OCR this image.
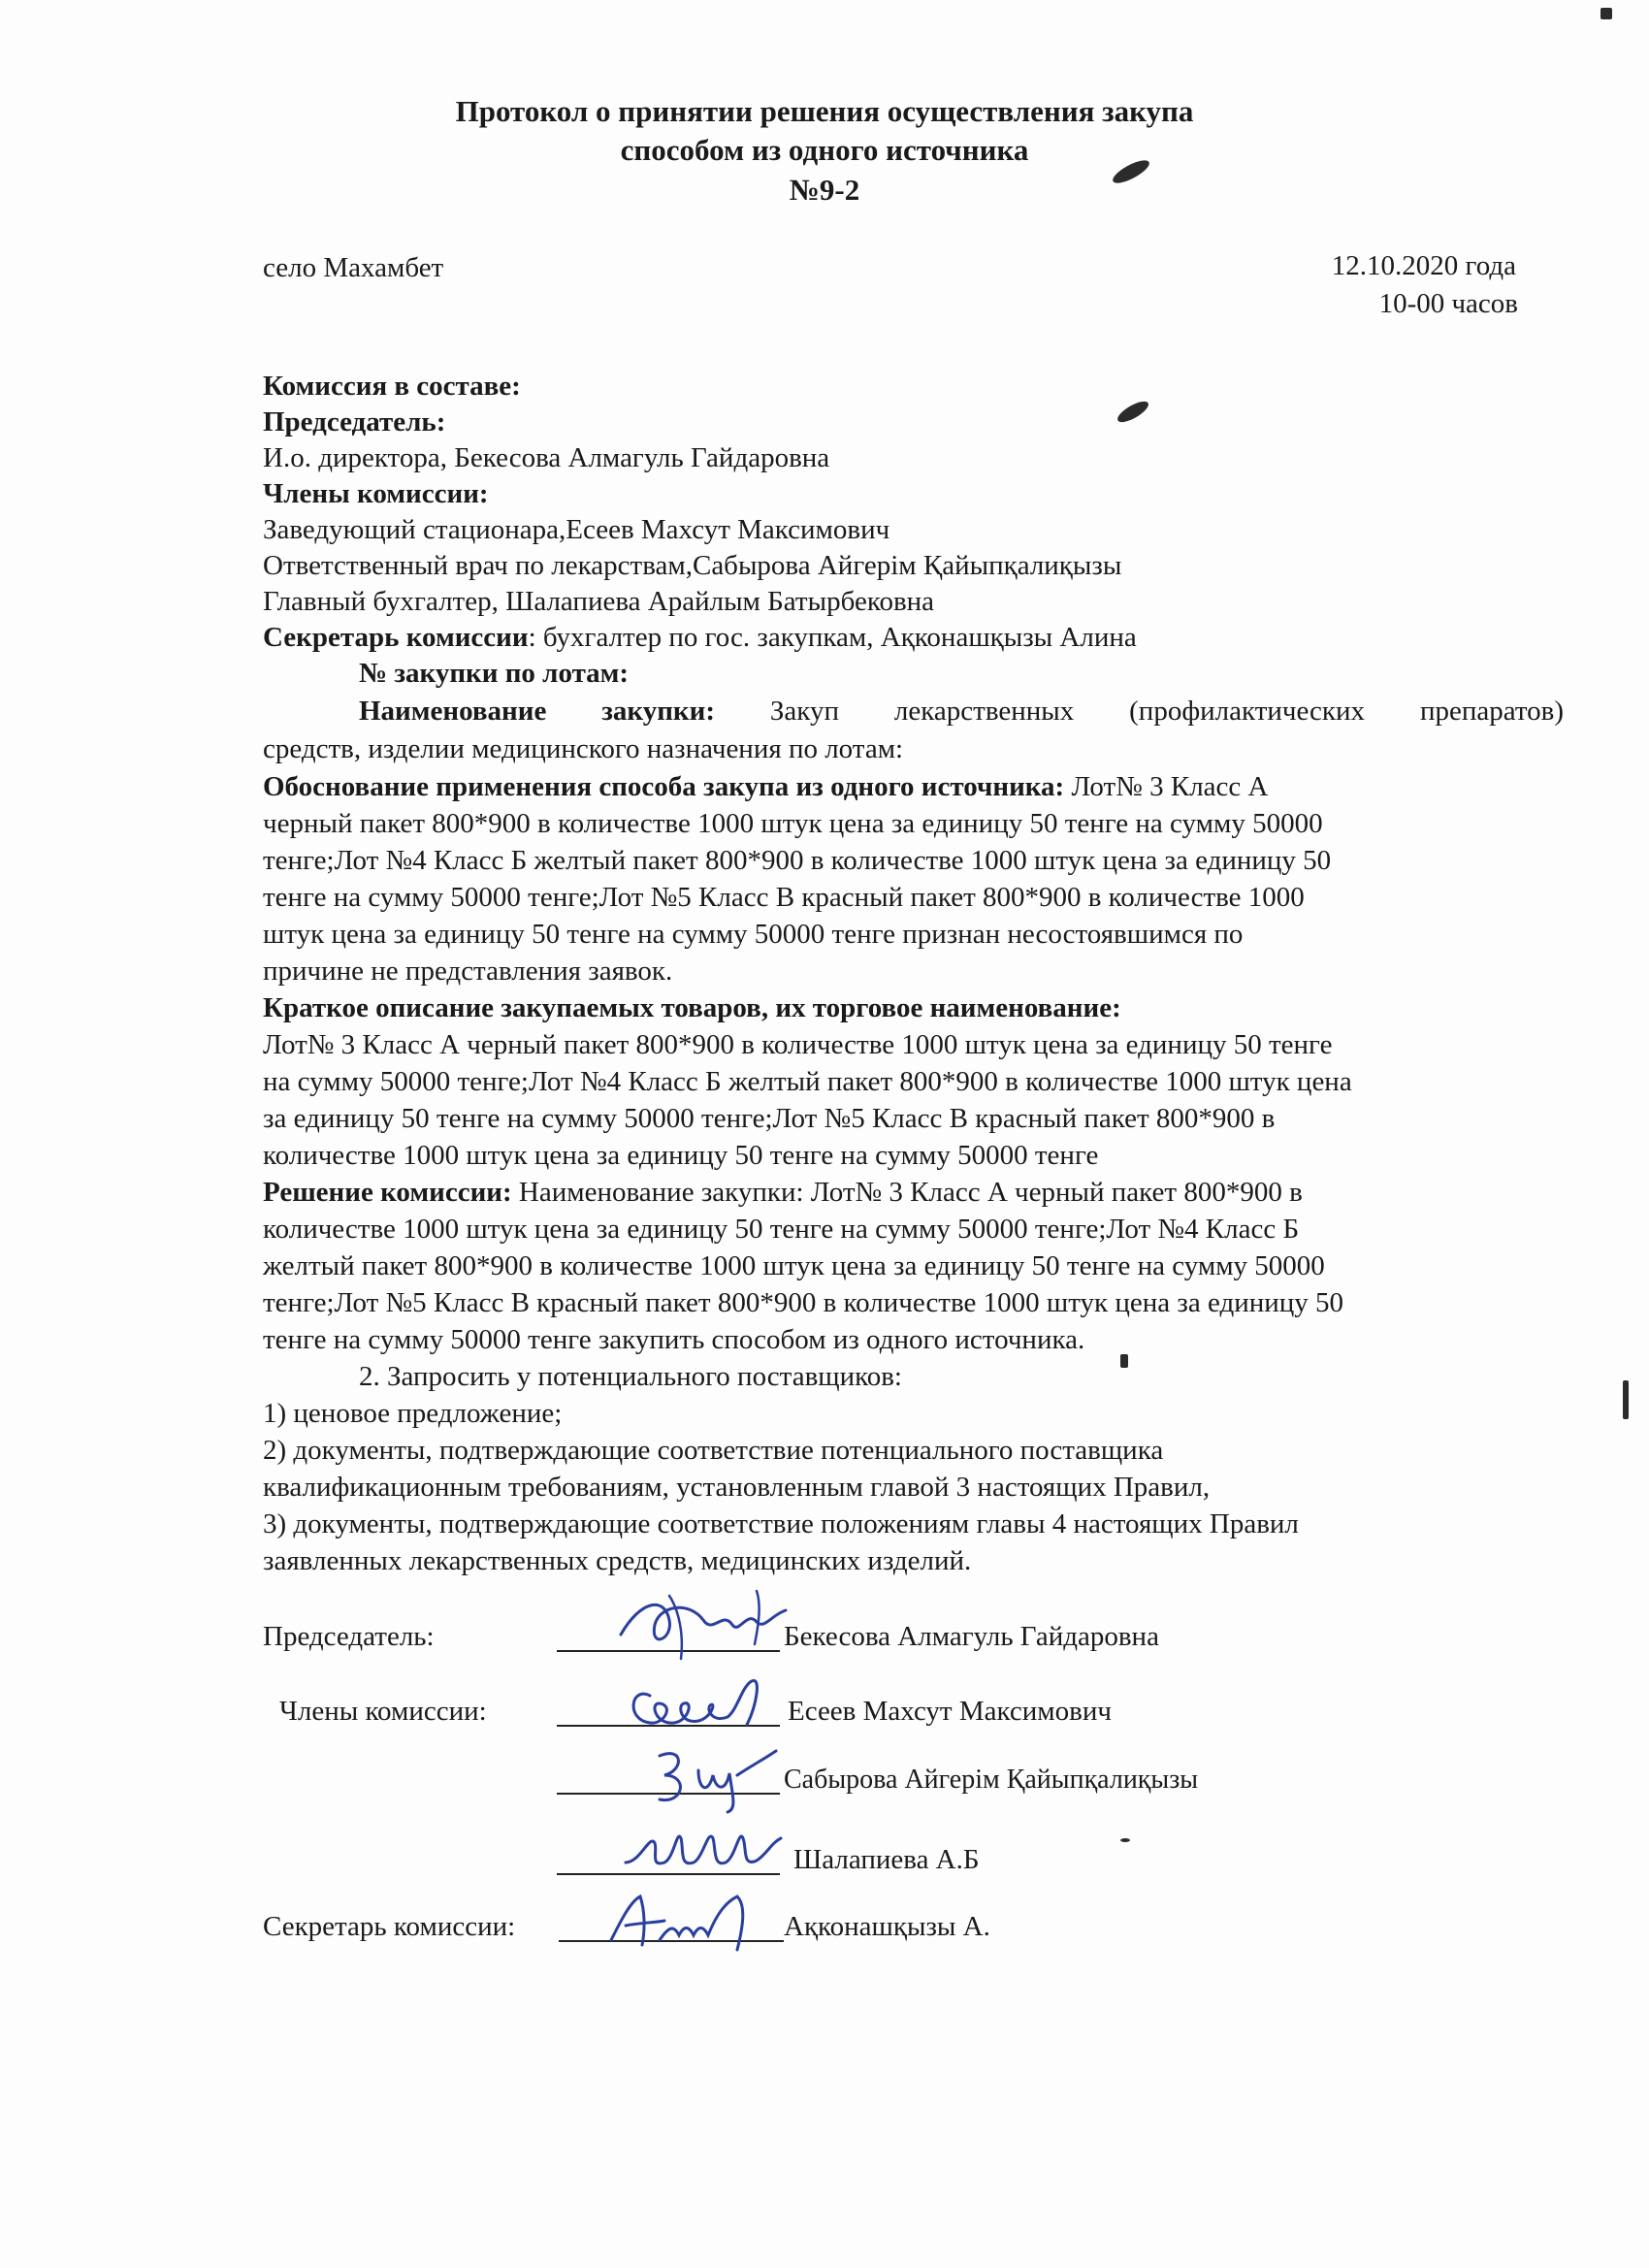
Протокол о принятии решения осуществления закупа
способом из одного источника
№9-2
село Махамбет	12.10.2020 года
10-00 часов
Комиссия в составе:
Председатель:
И.о. директора, Бекесова Алмагуль Гайдаровна
Члены комиссии:
Заведующий стационара,Есеев Махсут Максимович
Ответственный врач по лекарствам,Сабырова Айгерім Қайыпқалиқызы
Главный бухгалтер, Шалапиева Арайлым Батырбековна
Секретарь комиссии: бухгалтер по гос. закупкам, Ақконашқызы Алина
№ закупки по лотам:
Наименование закупки: Закуп лекарственных (профилактических препаратов)
средств, изделии медицинского назначения по лотам:
Обоснование применения способа закупа из одного источника: Лот№ 3 Класс А
черный пакет 800*900 в количестве 1000 штук цена за единицу 50 тенге на сумму 50000
тенге;Лот №4 Класс Б желтый пакет 800*900 в количестве 1000 штук цена за единицу 50
тенге на сумму 50000 тенге;Лот №5 Класс В красный пакет 800*900 в количестве 1000
штук цена за единицу 50 тенге на сумму 50000 тенге признан несостоявшимся по
причине не представления заявок.
Краткое описание закупаемых товаров, их торговое наименование:
Лот№ 3 Класс А черный пакет 800*900 в количестве 1000 штук цена за единицу 50 тенге
на сумму 50000 тенге;Лот №4 Класс Б желтый пакет 800*900 в количестве 1000 штук цена
за единицу 50 тенге на сумму 50000 тенге;Лот №5 Класс В красный пакет 800*900 в
количестве 1000 штук цена за единицу 50 тенге на сумму 50000 тенге
Решение комиссии: Наименование закупки: Лот№ 3 Класс А черный пакет 800*900 в
количестве 1000 штук цена за единицу 50 тенге на сумму 50000 тенге;Лот №4 Класс Б
желтый пакет 800*900 в количестве 1000 штук цена за единицу 50 тенге на сумму 50000
тенге;Лот №5 Класс В красный пакет 800*900 в количестве 1000 штук цена за единицу 50
тенге на сумму 50000 тенге закупить способом из одного источника.
2. Запросить у потенциального поставщиков:
1) ценовое предложение;
2) документы, подтверждающие соответствие потенциального поставщика
квалификационным требованиям, установленным главой 3 настоящих Правил,
3) документы, подтверждающие соответствие положениям главы 4 настоящих Правил
заявленных лекарственных средств, медицинских изделий.
Председатель:	Бекесова Алмагуль Гайдаровна
Члены комиссии:	Есеев Махсут Максимович
Сабырова Айгерім Қайыпқалиқызы
Шалапиева А.Б
Секретарь комиссии:	Ақконашқызы А.
